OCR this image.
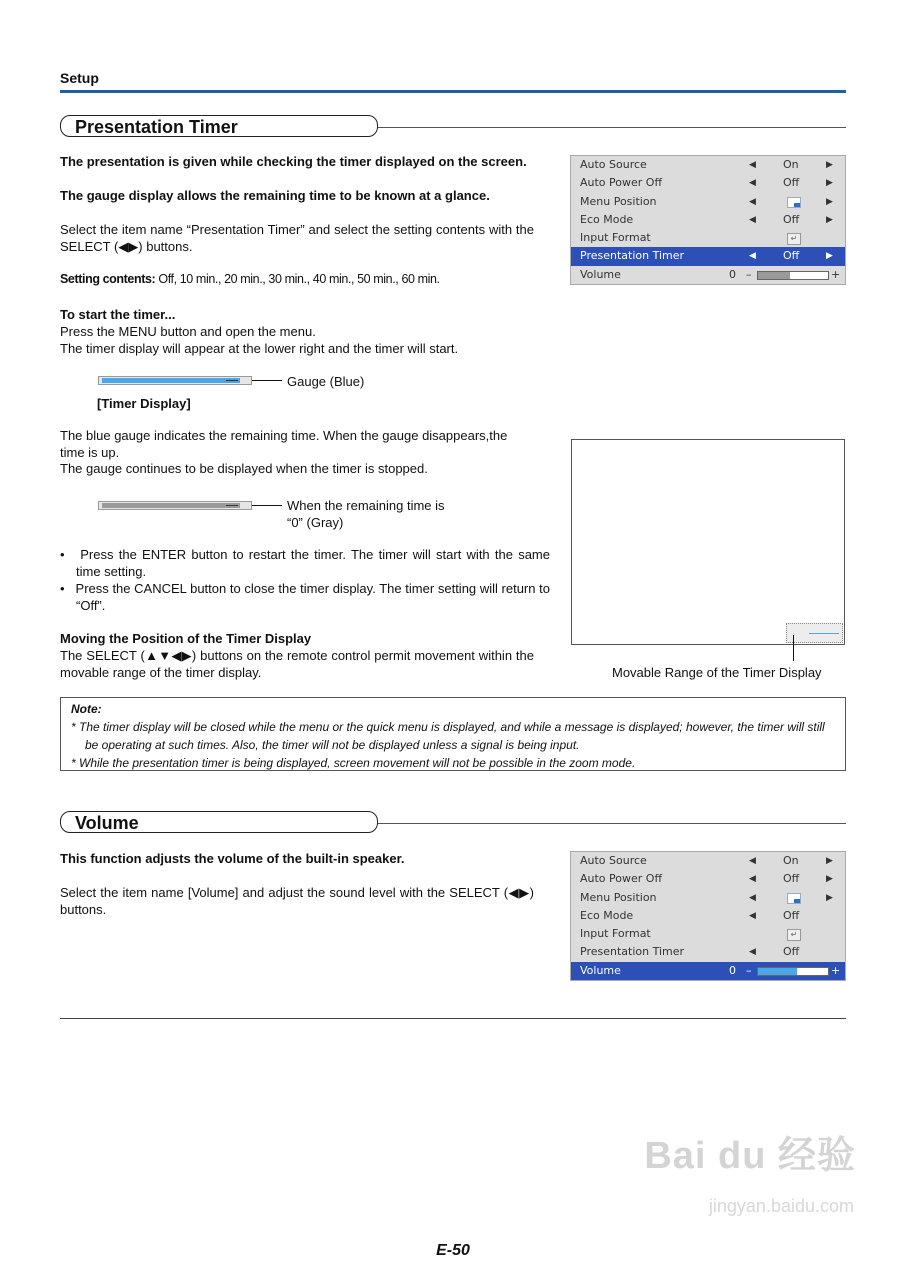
Setup
Presentation Timer
The presentation is given while checking the timer displayed on the screen.
The gauge display allows the remaining time to be known at a glance.
Select the item name “Presentation Timer” and select the setting contents with the SELECT (◀▶) buttons.
Setting contents: Off, 10 min., 20 min., 30 min., 40 min., 50 min., 60 min.
To start the timer...
Press the MENU button and open the menu.
The timer display will appear at the lower right and the timer will start.
Gauge (Blue)
[Timer Display]
The blue gauge indicates the remaining time. When the gauge disappears,the time is up.
The gauge continues to be displayed when the timer is stopped.
When the remaining time is
“0” (Gray)
•   Press the ENTER button to restart the timer. The timer will start with the same time setting.
•   Press the CANCEL button to close the timer display. The timer setting will return to “Off”.
Moving the Position of the Timer Display
The SELECT (▲▼◀▶) buttons on the remote control permit movement within the movable range of the timer display.
Auto Source	◀ On	▶
Auto Power Off	◀ Off	▶
Menu Position	◀	▶
Eco Mode	◀ Off	▶
Input Format	↵
Presentation Timer	◀ Off	▶
Volume	0 –	+
Movable Range of the Timer Display
Note:
* The timer display will be closed while the menu or the quick menu is displayed, and while a message is displayed; however, the timer will still be operating at such times. Also, the timer will not be displayed unless a signal is being input.
* While the presentation timer is being displayed, screen movement will not be possible in the zoom mode.
Volume
This function adjusts the volume of the built-in speaker.
Select the item name [Volume] and adjust the sound level with the SELECT (◀▶) buttons.
Auto Source	◀ On	▶
Auto Power Off	◀ Off	▶
Menu Position	◀	▶
Eco Mode	◀ Off
Input Format	↵
Presentation Timer	◀ Off
Volume	0 –	+
Bai du 经验
jingyan.baidu.com
E-50
